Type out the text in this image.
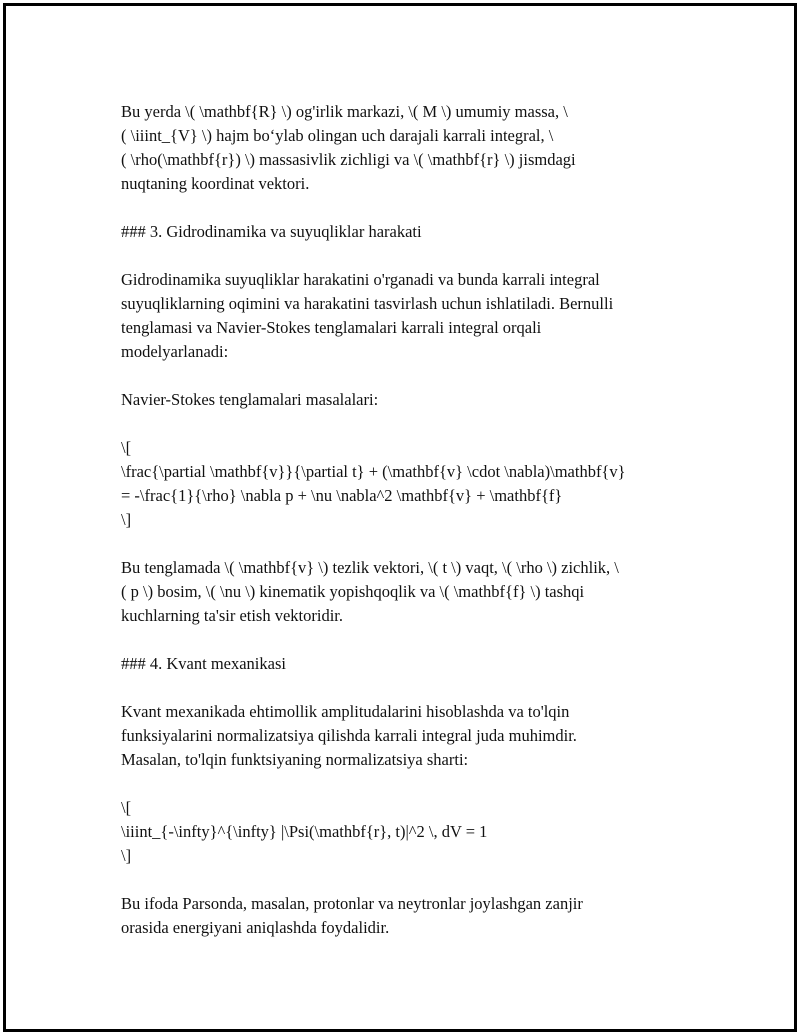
Bu yerda \( \mathbf{R} \) og'irlik markazi, \( M \) umumiy massa, \
( \iiint_{V} \) hajm bo‘ylab olingan uch darajali karrali integral, \
( \rho(\mathbf{r}) \) massasivlik zichligi va \( \mathbf{r} \) jismdagi
nuqtaning koordinat vektori.
### 3. Gidrodinamika va suyuqliklar harakati
Gidrodinamika suyuqliklar harakatini o'rganadi va bunda karrali integral
suyuqliklarning oqimini va harakatini tasvirlash uchun ishlatiladi. Bernulli
tenglamasi va Navier-Stokes tenglamalari karrali integral orqali
modelyarlanadi:
Navier-Stokes tenglamalari masalalari:
\[
\frac{\partial \mathbf{v}}{\partial t} + (\mathbf{v} \cdot \nabla)\mathbf{v}
= -\frac{1}{\rho} \nabla p + \nu \nabla^2 \mathbf{v} + \mathbf{f}
\]
Bu tenglamada \( \mathbf{v} \) tezlik vektori, \( t \) vaqt, \( \rho \) zichlik, \
( p \) bosim, \( \nu \) kinematik yopishqoqlik va \( \mathbf{f} \) tashqi
kuchlarning ta'sir etish vektoridir.
### 4. Kvant mexanikasi
Kvant mexanikada ehtimollik amplitudalarini hisoblashda va to'lqin
funksiyalarini normalizatsiya qilishda karrali integral juda muhimdir.
Masalan, to'lqin funktsiyaning normalizatsiya sharti:
\[
\iiint_{-\infty}^{\infty} |\Psi(\mathbf{r}, t)|^2 \, dV = 1
\]
Bu ifoda Parsonda, masalan, protonlar va neytronlar joylashgan zanjir
orasida energiyani aniqlashda foydalidir.
